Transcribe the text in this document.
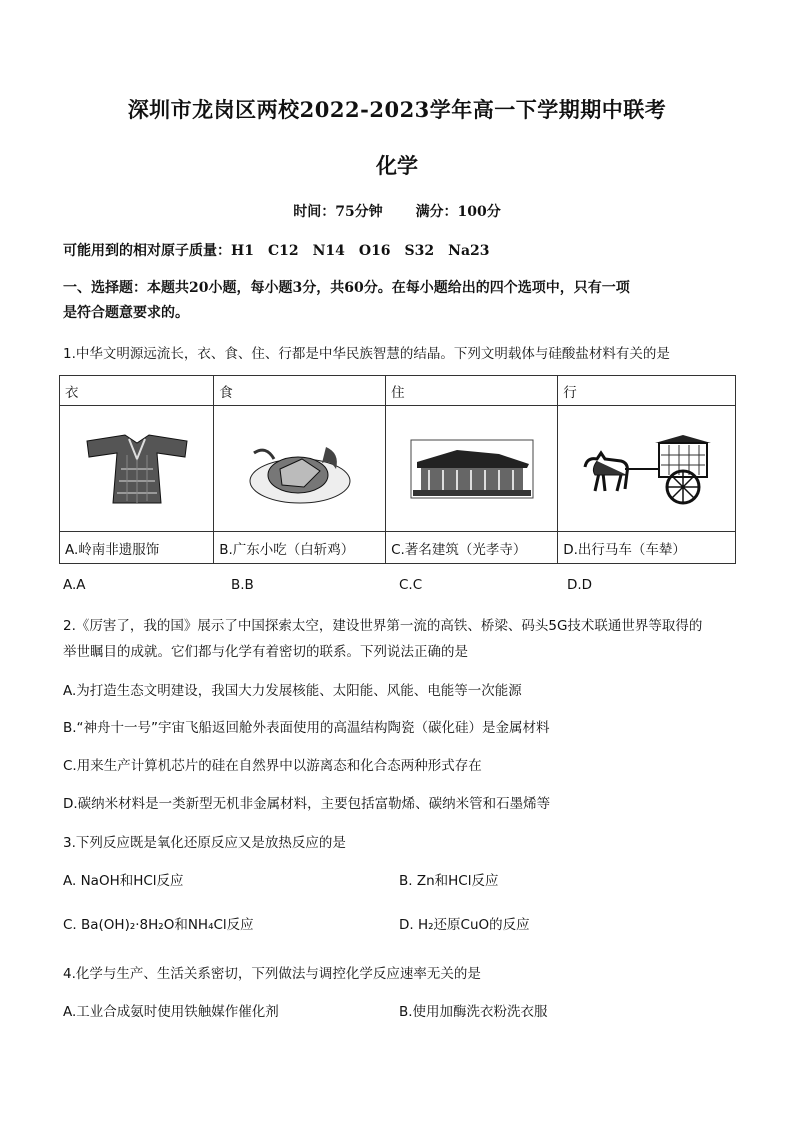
深圳市龙岗区两校2022-2023学年高一下学期期中联考
化学
时间：75分钟 满分：100分
可能用到的相对原子质量：H1　C12　N14　O16　S32　Na23
一、选择题：本题共20小题，每小题3分，共60分。在每小题给出的四个选项中，只有一项
是符合题意要求的。
1.中华文明源远流长，衣、食、住、行都是中华民族智慧的结晶。下列文明载体与硅酸盐材料有关的是
衣	食	住	行

A.岭南非遗服饰	B.广东小吃（白斩鸡）	C.著名建筑（光孝寺）	D.出行马车（车辇）
A.A	B.B	C.C	D.D
2.《厉害了，我的国》展示了中国探索太空，建设世界第一流的高铁、桥梁、码头5G技术联通世界等取得的
举世瞩目的成就。它们都与化学有着密切的联系。下列说法正确的是
A.为打造生态文明建设，我国大力发展核能、太阳能、风能、电能等一次能源
B.“神舟十一号”宇宙飞船返回舱外表面使用的高温结构陶瓷（碳化硅）是金属材料
C.用来生产计算机芯片的硅在自然界中以游离态和化合态两种形式存在
D.碳纳米材料是一类新型无机非金属材料，主要包括富勒烯、碳纳米管和石墨烯等
3.下列反应既是氧化还原反应又是放热反应的是
A. NaOH和HCl反应	B. Zn和HCl反应
C. Ba(OH)₂·8H₂O和NH₄Cl反应	D. H₂还原CuO的反应
4.化学与生产、生活关系密切，下列做法与调控化学反应速率无关的是
A.工业合成氨时使用铁触媒作催化剂	B.使用加酶洗衣粉洗衣服
